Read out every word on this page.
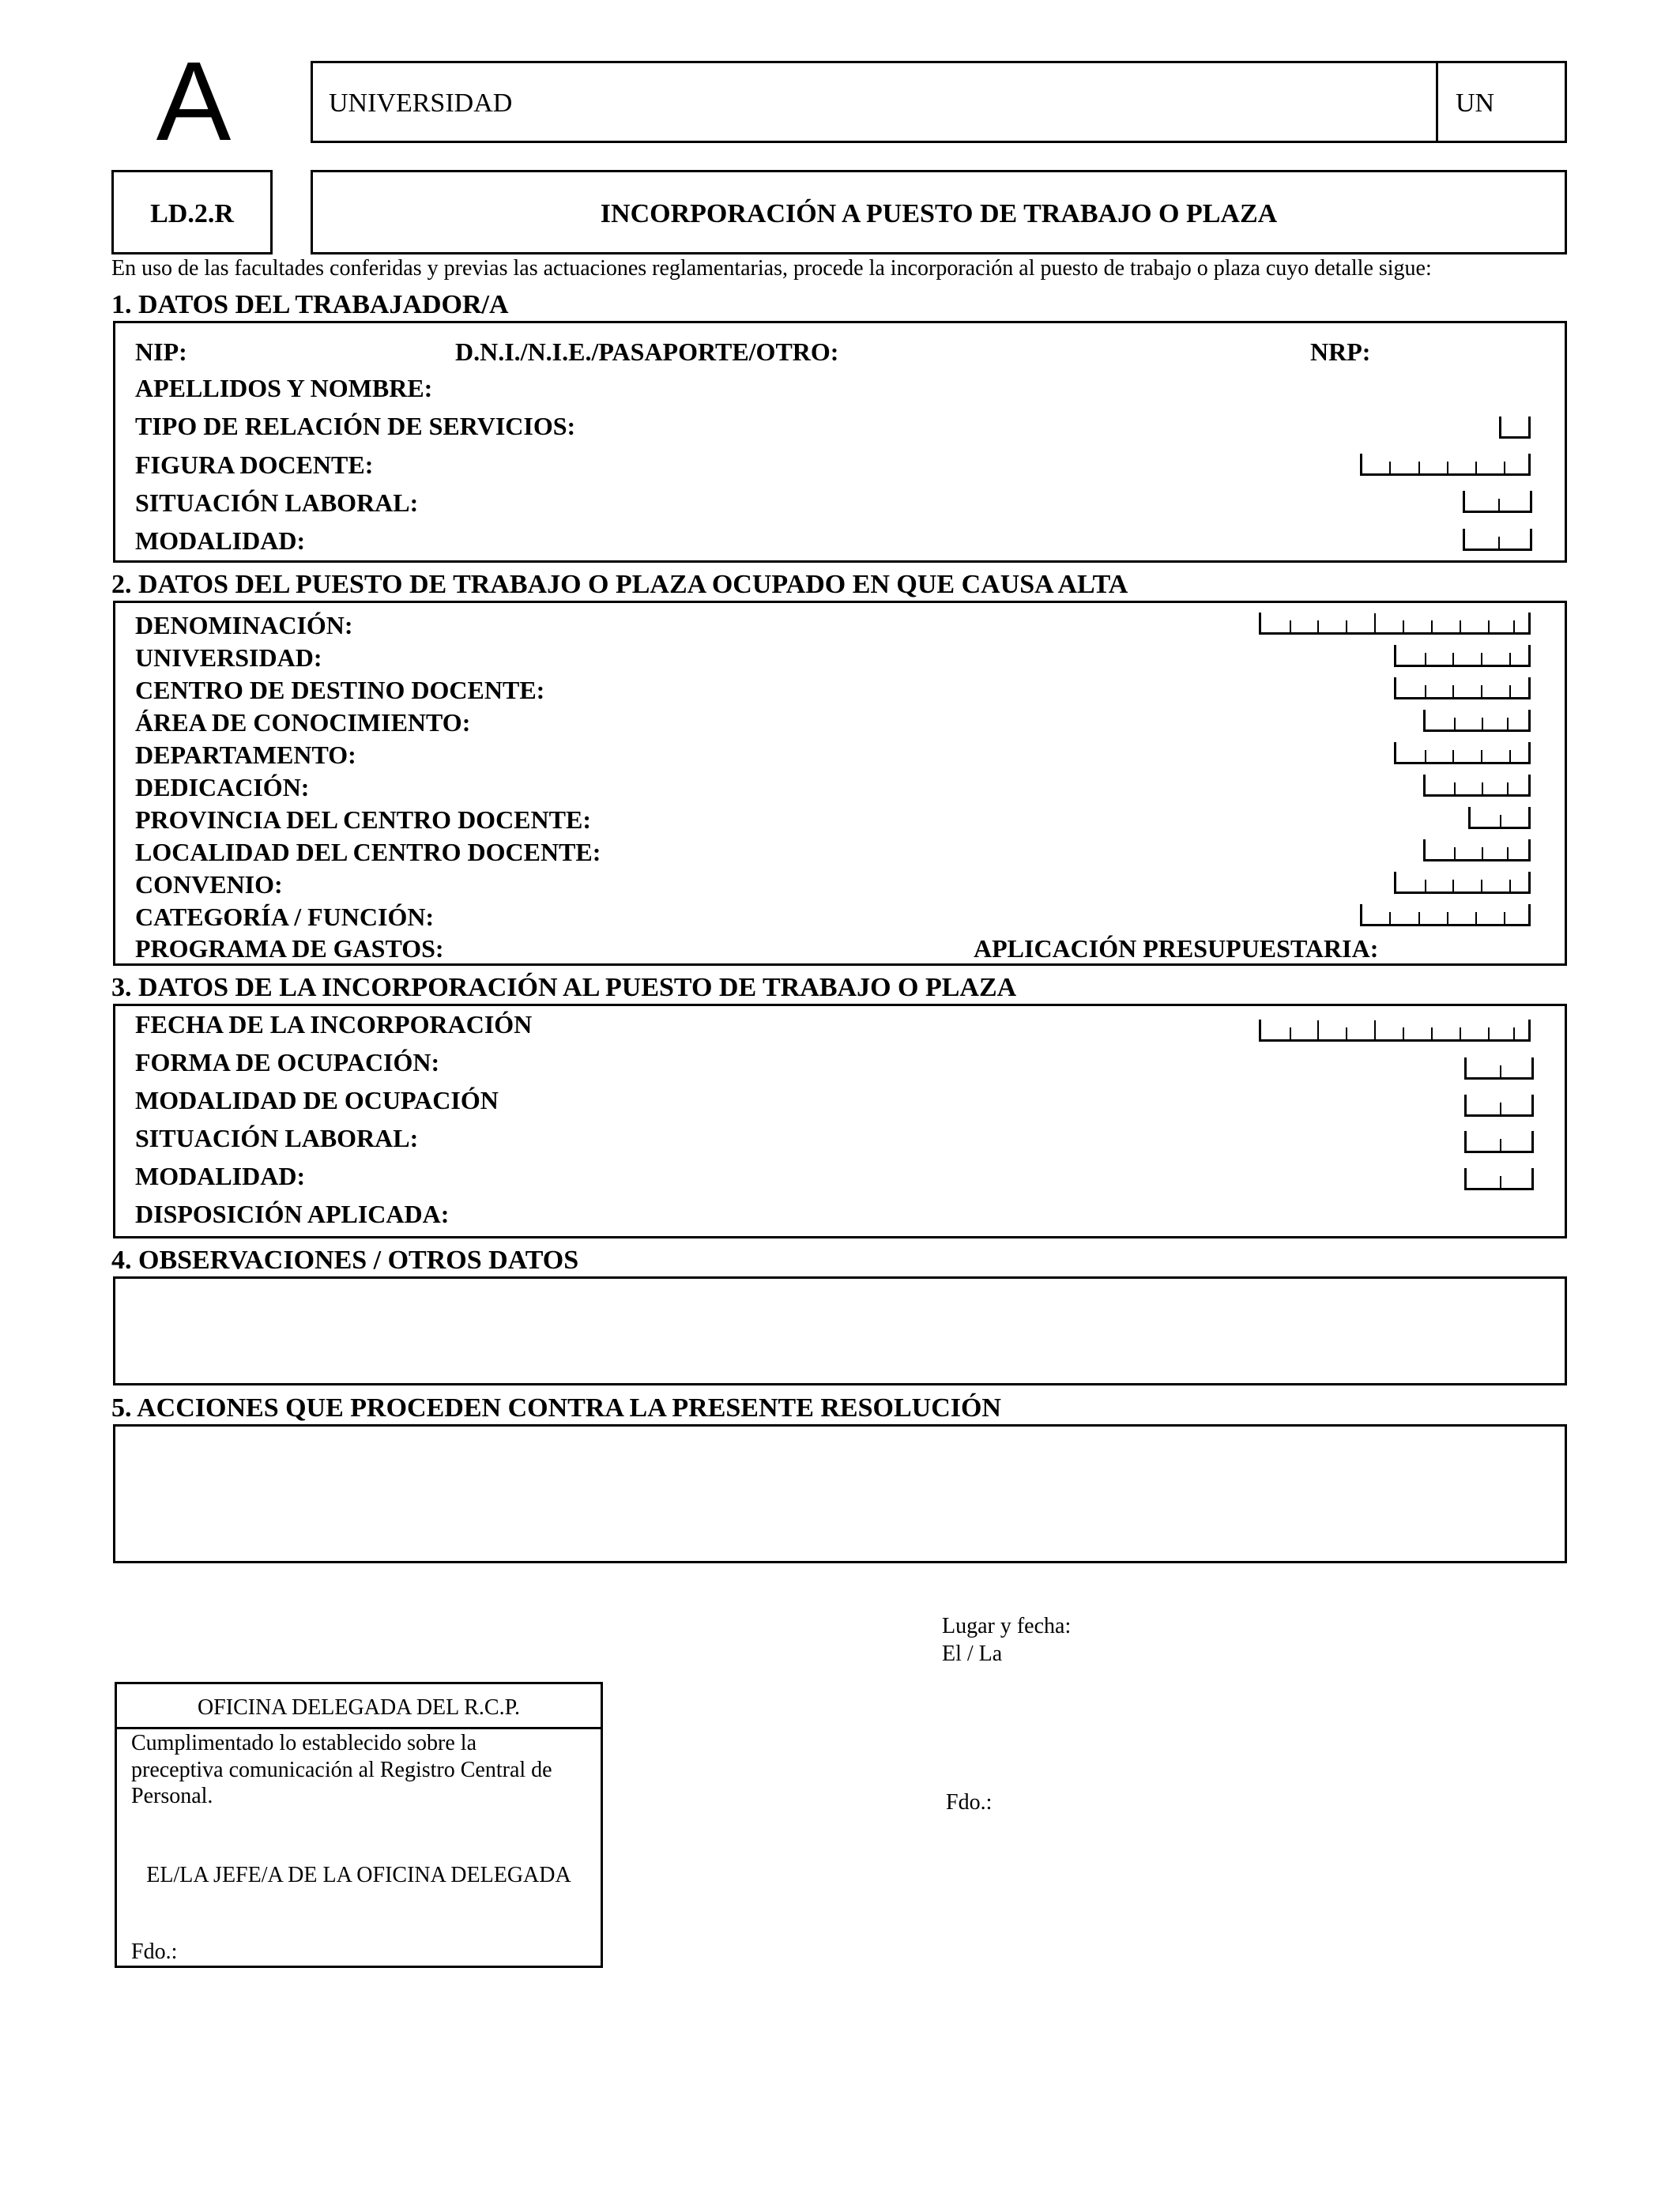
A	UNIVERSIDAD	UN
LD.2.R	INCORPORACIÓN A PUESTO DE TRABAJO O PLAZA
En uso de las facultades conferidas y previas las actuaciones reglamentarias, procede la incorporación al puesto de trabajo o plaza cuyo detalle sigue:
1. DATOS DEL TRABAJADOR/A
NIP:	D.N.I./N.I.E./PASAPORTE/OTRO:	NRP:
APELLIDOS Y NOMBRE:
TIPO DE RELACIÓN DE SERVICIOS:
FIGURA DOCENTE:
SITUACIÓN LABORAL:
MODALIDAD:
2. DATOS DEL PUESTO DE TRABAJO O PLAZA OCUPADO EN QUE CAUSA ALTA
DENOMINACIÓN:
UNIVERSIDAD:
CENTRO DE DESTINO DOCENTE:
ÁREA DE CONOCIMIENTO:
DEPARTAMENTO:
DEDICACIÓN:
PROVINCIA DEL CENTRO DOCENTE:
LOCALIDAD DEL CENTRO DOCENTE:
CONVENIO:
CATEGORÍA / FUNCIÓN:
PROGRAMA DE GASTOS:	APLICACIÓN PRESUPUESTARIA:
3. DATOS DE LA INCORPORACIÓN AL PUESTO DE TRABAJO O PLAZA
FECHA DE LA INCORPORACIÓN
FORMA DE OCUPACIÓN:
MODALIDAD DE OCUPACIÓN
SITUACIÓN LABORAL:
MODALIDAD:
DISPOSICIÓN APLICADA:
4. OBSERVACIONES / OTROS DATOS
5. ACCIONES QUE PROCEDEN CONTRA LA PRESENTE RESOLUCIÓN
Lugar y fecha:
El / La
Fdo.:
OFICINA DELEGADA DEL R.C.P.
Cumplimentado lo establecido sobre la preceptiva comunicación al Registro Central de Personal.
EL/LA JEFE/A DE LA OFICINA DELEGADA
Fdo.:
